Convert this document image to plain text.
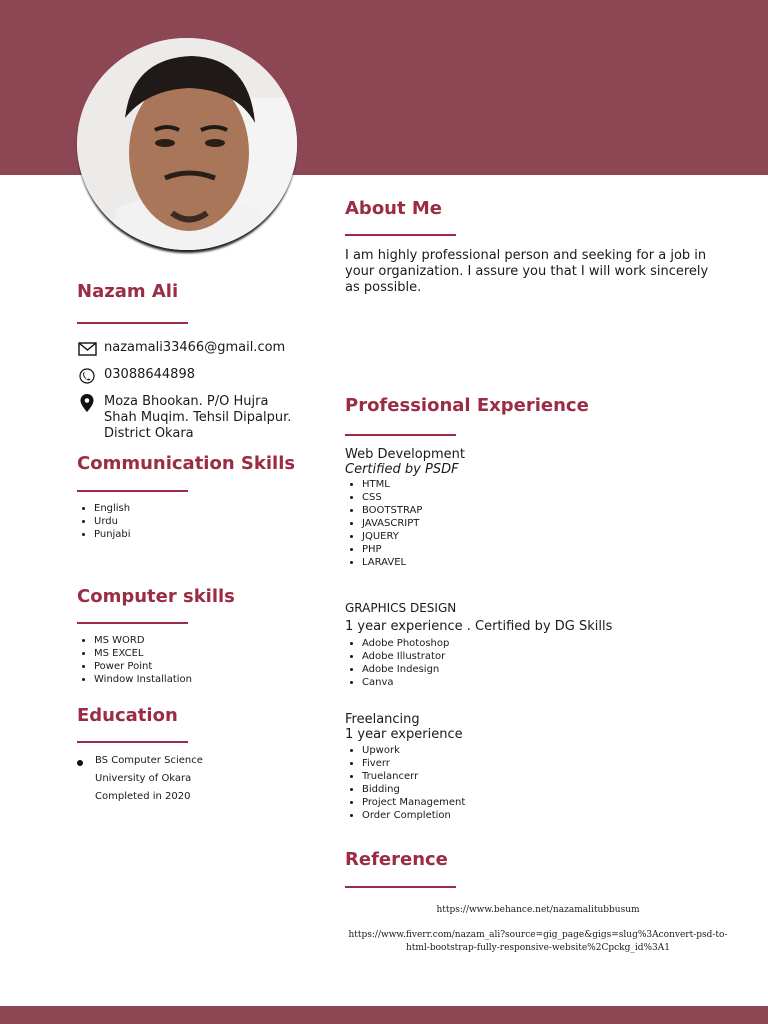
About Me
I am highly professional person and seeking for a job in your organization. I assure you that I will work sincerely as possible.
Nazam Ali
nazamali33466@gmail.com
03088644898
Moza Bhookan. P/O Hujra
Shah Muqim. Tehsil Dipalpur.
District Okara
Communication Skills
• English
• Urdu
• Punjabi
Computer skills
• MS WORD
• MS EXCEL
• Power Point
• Window Installation
Education
BS Computer Science
University of Okara
Completed in 2020
Professional Experience
Web Development
Certified by PSDF
• HTML
• CSS
• BOOTSTRAP
• JAVASCRIPT
• JQUERY
• PHP
• LARAVEL
GRAPHICS DESIGN
1 year experience . Certified by DG Skills
• Adobe Photoshop
• Adobe Illustrator
• Adobe Indesign
• Canva
Freelancing
1 year experience
• Upwork
• Fiverr
• Truelancerr
• Bidding
• Project Management
• Order Completion
Reference
https://www.behance.net/nazamalitubbusum
https://www.fiverr.com/nazam_ali?source=gig_page&gigs=slug%3Aconvert-psd-to-
html-bootstrap-fully-responsive-website%2Cpckg_id%3A1
